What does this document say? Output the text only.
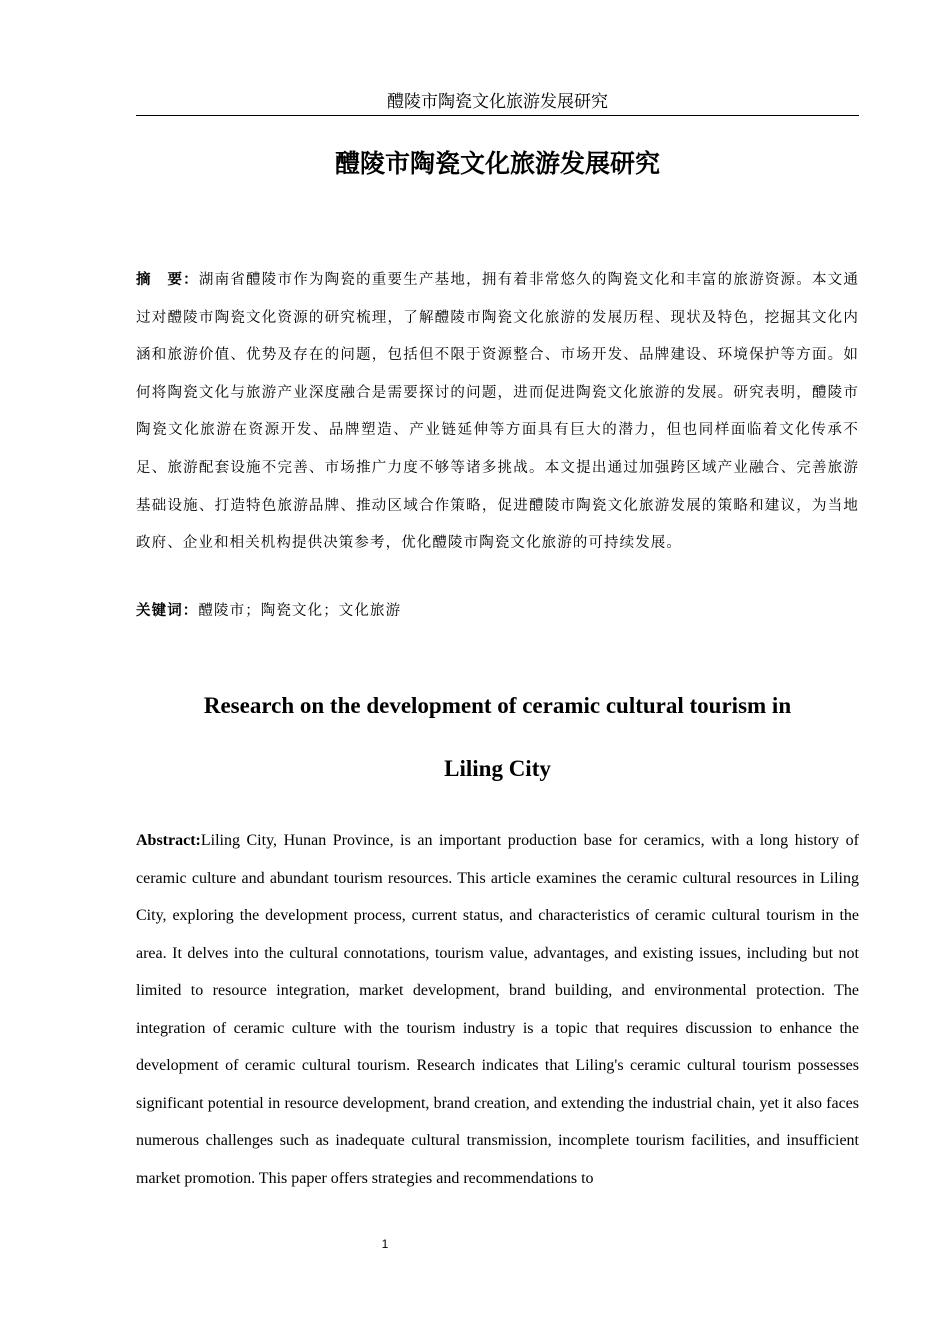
醴陵市陶瓷文化旅游发展研究
醴陵市陶瓷文化旅游发展研究
摘　要：湖南省醴陵市作为陶瓷的重要生产基地，拥有着非常悠久的陶瓷文化和丰富的旅游资源。本文通过对醴陵市陶瓷文化资源的研究梳理，了解醴陵市陶瓷文化旅游的发展历程、现状及特色，挖掘其文化内涵和旅游价值、优势及存在的问题，包括但不限于资源整合、市场开发、品牌建设、环境保护等方面。如何将陶瓷文化与旅游产业深度融合是需要探讨的问题，进而促进陶瓷文化旅游的发展。研究表明，醴陵市陶瓷文化旅游在资源开发、品牌塑造、产业链延伸等方面具有巨大的潜力，但也同样面临着文化传承不足、旅游配套设施不完善、市场推广力度不够等诸多挑战。本文提出通过加强跨区域产业融合、完善旅游基础设施、打造特色旅游品牌、推动区域合作策略，促进醴陵市陶瓷文化旅游发展的策略和建议，为当地政府、企业和相关机构提供决策参考，优化醴陵市陶瓷文化旅游的可持续发展。
关键词：醴陵市；陶瓷文化；文化旅游
Research on the development of ceramic cultural tourism in
Liling City
Abstract:Liling City, Hunan Province, is an important production base for ceramics, with a long history of ceramic culture and abundant tourism resources. This article examines the ceramic cultural resources in Liling City, exploring the development process, current status, and characteristics of ceramic cultural tourism in the area. It delves into the cultural connotations, tourism value, advantages, and existing issues, including but not limited to resource integration, market development, brand building, and environmental protection. The integration of ceramic culture with the tourism industry is a topic that requires discussion to enhance the development of ceramic cultural tourism. Research indicates that Liling's ceramic cultural tourism possesses significant potential in resource development, brand creation, and extending the industrial chain, yet it also faces numerous challenges such as inadequate cultural transmission, incomplete tourism facilities, and insufficient market promotion. This paper offers strategies and recommendations to
1
